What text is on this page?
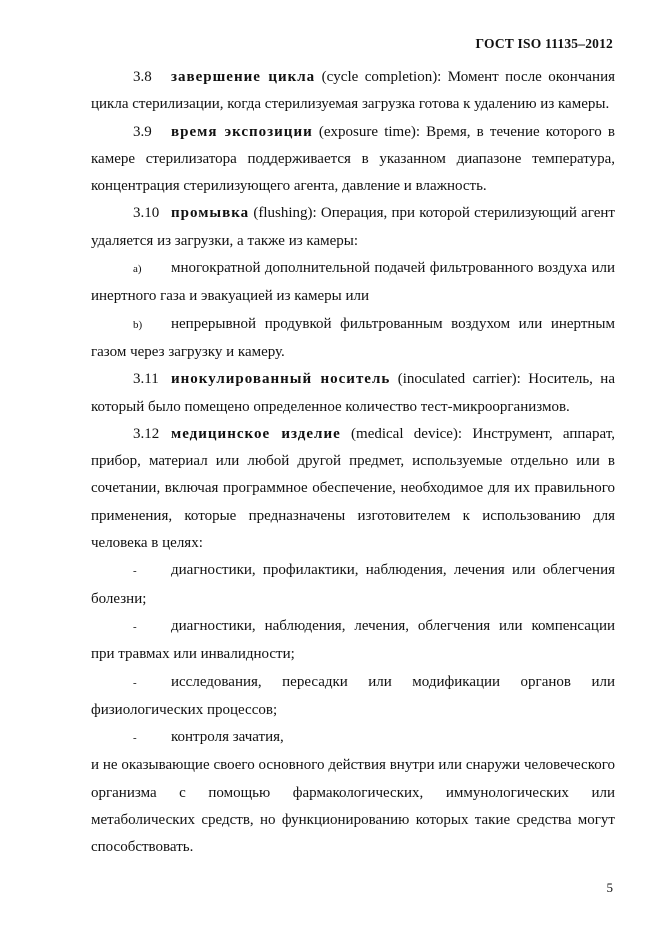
ГОСТ ISO 11135–2012

3.8 завершение цикла (cycle completion): Момент после окончания цикла стерилизации, когда стерилизуемая загрузка готова к удалению из камеры.

3.9 время экспозиции (exposure time): Время, в течение которого в камере стерилизатора поддерживается в указанном диапазоне температура, концентрация стерилизующего агента, давление и влажность.

3.10 промывка (flushing): Операция, при которой стерилизующий агент удаляется из загрузки, а также из камеры:

a) многократной дополнительной подачей фильтрованного воздуха или инертного газа и эвакуацией из камеры или

b) непрерывной продувкой фильтрованным воздухом или инертным газом через загрузку и камеру.

3.11 инокулированный носитель (inoculated carrier): Носитель, на который было помещено определенное количество тест-микроорганизмов.

3.12 медицинское изделие (medical device): Инструмент, аппарат, прибор, материал или любой другой предмет, используемые отдельно или в сочетании, включая программное обеспечение, необходимое для их правильного применения, которые предназначены изготовителем к использованию для человека в целях:

- диагностики, профилактики, наблюдения, лечения или облегчения болезни;

- диагностики, наблюдения, лечения, облегчения или компенсации при травмах или инвалидности;

- исследования, пересадки или модификации органов или физиологических процессов;

- контроля зачатия,

и не оказывающие своего основного действия внутри или снаружи человеческого организма с помощью фармакологических, иммунологических или метаболических средств, но функционированию которых такие средства могут способствовать.

5
